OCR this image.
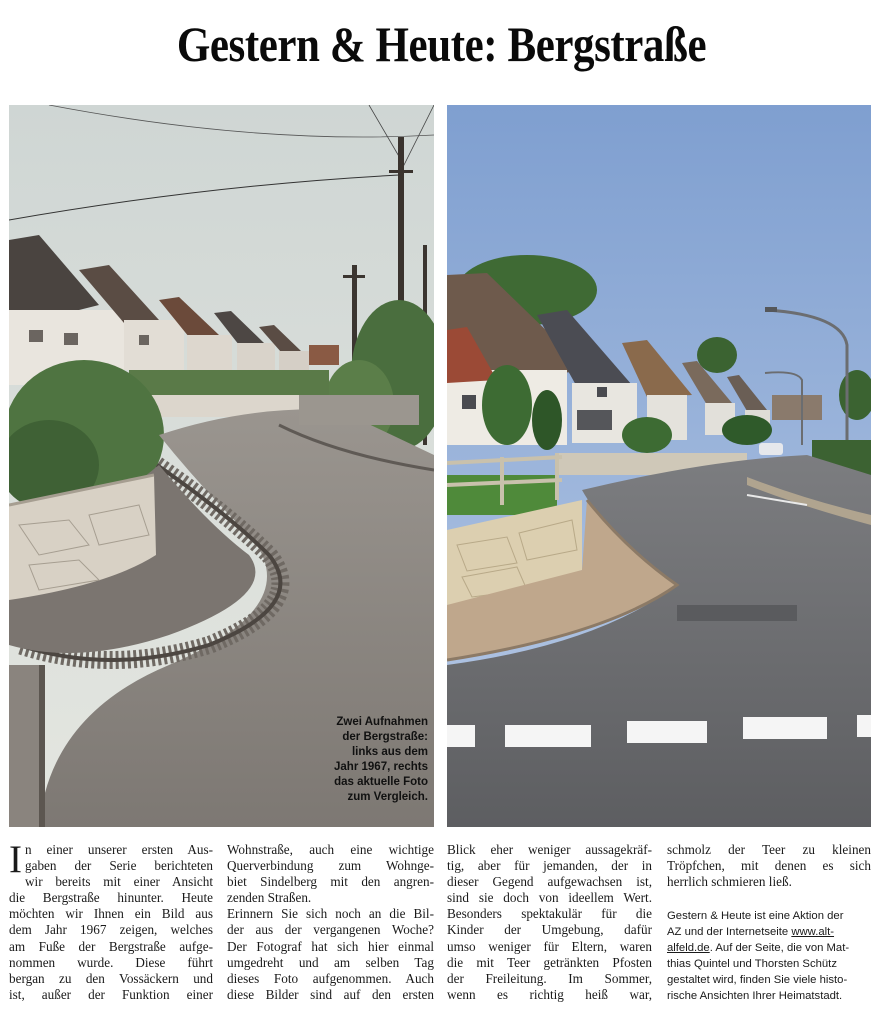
Gestern & Heute: Bergstraße
Zwei Aufnahmen
der Bergstraße:
links aus dem
Jahr 1967, rechts
das aktuelle Foto
zum Vergleich.
I n einer unserer ersten Aus-
gaben der Serie berichteten
wir bereits mit einer Ansicht
die Bergstraße hinunter. Heute
möchten wir Ihnen ein Bild aus
dem Jahr 1967 zeigen, welches
am Fuße der Bergstraße aufge-
nommen wurde. Diese führt
bergan zu den Vossäckern und
ist, außer der Funktion einer
Wohnstraße, auch eine wichtige
Querverbindung zum Wohnge-
biet Sindelberg mit den angren-
zenden Straßen.
Erinnern Sie sich noch an die Bil-
der aus der vergangenen Woche?
Der Fotograf hat sich hier einmal
umgedreht und am selben Tag
dieses Foto aufgenommen. Auch
diese Bilder sind auf den ersten
Blick eher weniger aussagekräf-
tig, aber für jemanden, der in
dieser Gegend aufgewachsen ist,
sind sie doch von ideellem Wert.
Besonders spektakulär für die
Kinder der Umgebung, dafür
umso weniger für Eltern, waren
die mit Teer getränkten Pfosten
der Freileitung. Im Sommer,
wenn es richtig heiß war,
schmolz der Teer zu kleinen
Tröpfchen, mit denen es sich
herrlich schmieren ließ.
Gestern & Heute ist eine Aktion der
AZ und der Internetseite www.alt-
alfeld.de. Auf der Seite, die von Mat-
thias Quintel und Thorsten Schütz
gestaltet wird, finden Sie viele histo-
rische Ansichten Ihrer Heimatstadt.
